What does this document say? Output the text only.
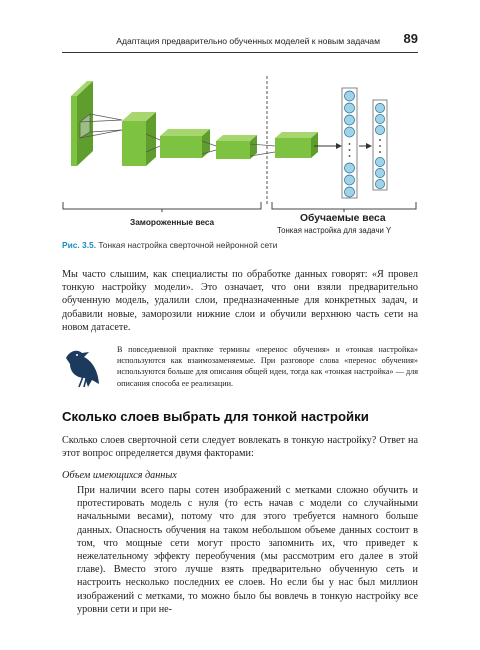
Адаптация предварительно обученных моделей к новым задачам 89
Замороженные веса	Обучаемые веса
Тонкая настройка для задачи Y
Рис. 3.5. Тонкая настройка сверточной нейронной сети

Мы часто слышим, как специалисты по обработке данных говорят: «Я провел тонкую настройку модели». Это означает, что они взяли предварительно обученную модель, удалили слои, предназначенные для конкретных задач, и добавили новые, заморозили нижние слои и обучили верхнюю часть сети на новом датасете.

В повседневной практике термины «перенос обучения» и «тонкая настройка» используются как взаимозаменяемые. При разговоре слова «перенос обучения» используются больше для описания общей идеи, тогда как «тонкая настройка» — для описания способа ее реализации.

Сколько слоев выбрать для тонкой настройки

Сколько слоев сверточной сети следует вовлекать в тонкую настройку? Ответ на этот вопрос определяется двумя факторами:

Объем имеющихся данных

При наличии всего пары сотен изображений с метками сложно обучить и протестировать модель с нуля (то есть начав с модели со случайными начальными весами), потому что для этого требуется намного больше данных. Опасность обучения на таком небольшом объеме данных состоит в том, что мощные сети могут просто запомнить их, что приведет к нежелательному эффекту переобучения (мы рассмотрим его далее в этой главе). Вместо этого лучше взять предварительно обученную сеть и настроить несколько последних ее слоев. Но если бы у нас был миллион изображений с метками, то можно было бы вовлечь в тонкую настройку все уровни сети и при не-
